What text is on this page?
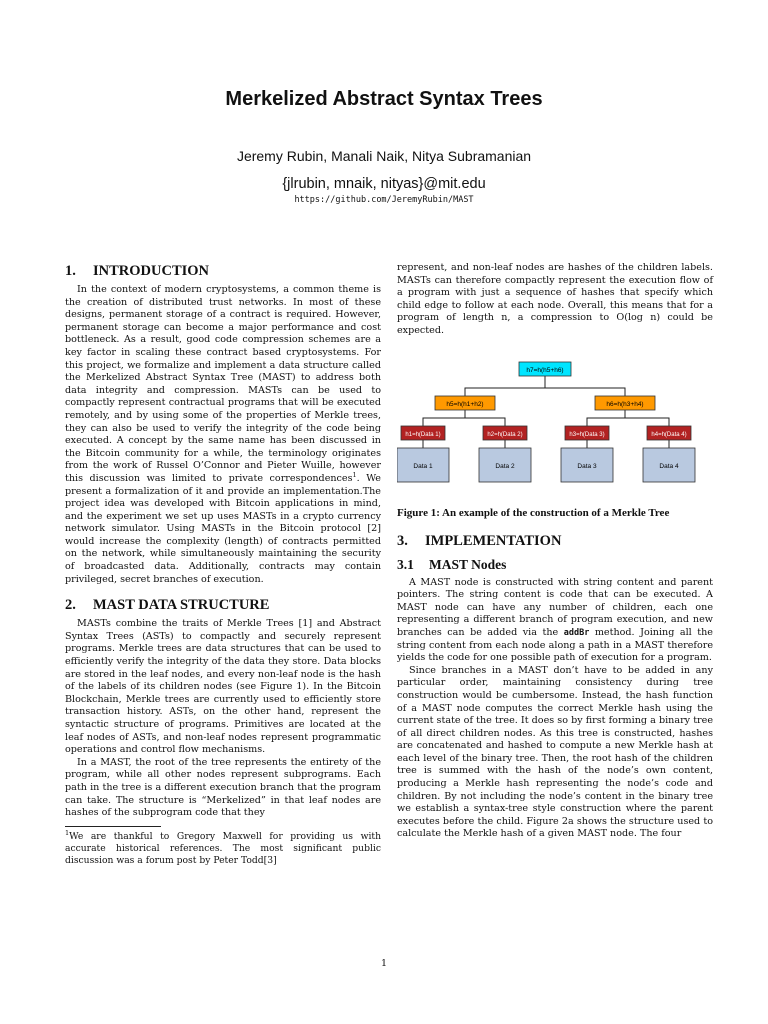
Merkelized Abstract Syntax Trees
Jeremy Rubin, Manali Naik, Nitya Subramanian
{jlrubin, mnaik, nityas}@mit.edu
https://github.com/JeremyRubin/MAST
1. INTRODUCTION

In the context of modern cryptosystems, a common theme is the creation of distributed trust networks. In most of these designs, permanent storage of a contract is required. However, permanent storage can become a major performance and cost bottleneck. As a result, good code compression schemes are a key factor in scaling these contract based cryptosystems. For this project, we formalize and implement a data structure called the Merkelized Abstract Syntax Tree (MAST) to address both data integrity and compression. MASTs can be used to compactly represent contractual programs that will be executed remotely, and by using some of the properties of Merkle trees, they can also be used to verify the integrity of the code being executed. A concept by the same name has been discussed in the Bitcoin community for a while, the terminology originates from the work of Russel O’Connor and Pieter Wuille, however this discussion was limited to private correspondences$^1$. We present a formalization of it and provide an implementation.The project idea was developed with Bitcoin applications in mind, and the experiment we set up uses MASTs in a crypto currency network simulator. Using MASTs in the Bitcoin protocol [2] would increase the complexity (length) of contracts permitted on the network, while simultaneously maintaining the security of broadcasted data. Additionally, contracts may contain privileged, secret branches of execution.

2. MAST DATA STRUCTURE

MASTs combine the traits of Merkle Trees [1] and Abstract Syntax Trees (ASTs) to compactly and securely represent programs. Merkle trees are data structures that can be used to efficiently verify the integrity of the data they store. Data blocks are stored in the leaf nodes, and every non-leaf node is the hash of the labels of its children nodes (see Figure 1). In the Bitcoin Blockchain, Merkle trees are currently used to efficiently store transaction history. ASTs, on the other hand, represent the syntactic structure of programs. Primitives are located at the leaf nodes of ASTs, and non-leaf nodes represent programmatic operations and control flow mechanisms.

In a MAST, the root of the tree represents the entirety of the program, while all other nodes represent subprograms. Each path in the tree is a different execution branch that the program can take. The structure is “Merkelized” in that leaf nodes are hashes of the subprogram code that they

$^1$We are thankful to Gregory Maxwell for providing us with accurate historical references. The most significant public discussion was a forum post by Peter Todd[3]

represent, and non-leaf nodes are hashes of the children labels. MASTs can therefore compactly represent the execution flow of a program with just a sequence of hashes that specify which child edge to follow at each node. Overall, this means that for a program of length n, a compression to O(log n) could be expected.

h7=h(h5+h6)
h5=h(h1+h2)	h6=h(h3+h4)
h1=h(Data 1)	h2=h(Data 2)	h3=h(Data 3)	h4=h(Data 4)
Data 1	Data 2	Data 3	Data 4
Figure 1: An example of the construction of a Merkle Tree
3. IMPLEMENTATION
3.1 MAST Nodes

A MAST node is constructed with string content and parent pointers. The string content is code that can be executed. A MAST node can have any number of children, each one representing a different branch of program execution, and new branches can be added via the addBr method. Joining all the string content from each node along a path in a MAST therefore yields the code for one possible path of execution for a program.

Since branches in a MAST don’t have to be added in any particular order, maintaining consistency during tree construction would be cumbersome. Instead, the hash function of a MAST node computes the correct Merkle hash using the current state of the tree. It does so by first forming a binary tree of all direct children nodes. As this tree is constructed, hashes are concatenated and hashed to compute a new Merkle hash at each level of the binary tree. Then, the root hash of the children tree is summed with the hash of the node’s own content, producing a Merkle hash representing the node’s code and children. By not including the node’s content in the binary tree we establish a syntax-tree style construction where the parent executes before the child. Figure 2a shows the structure used to calculate the Merkle hash of a given MAST node. The four

1
